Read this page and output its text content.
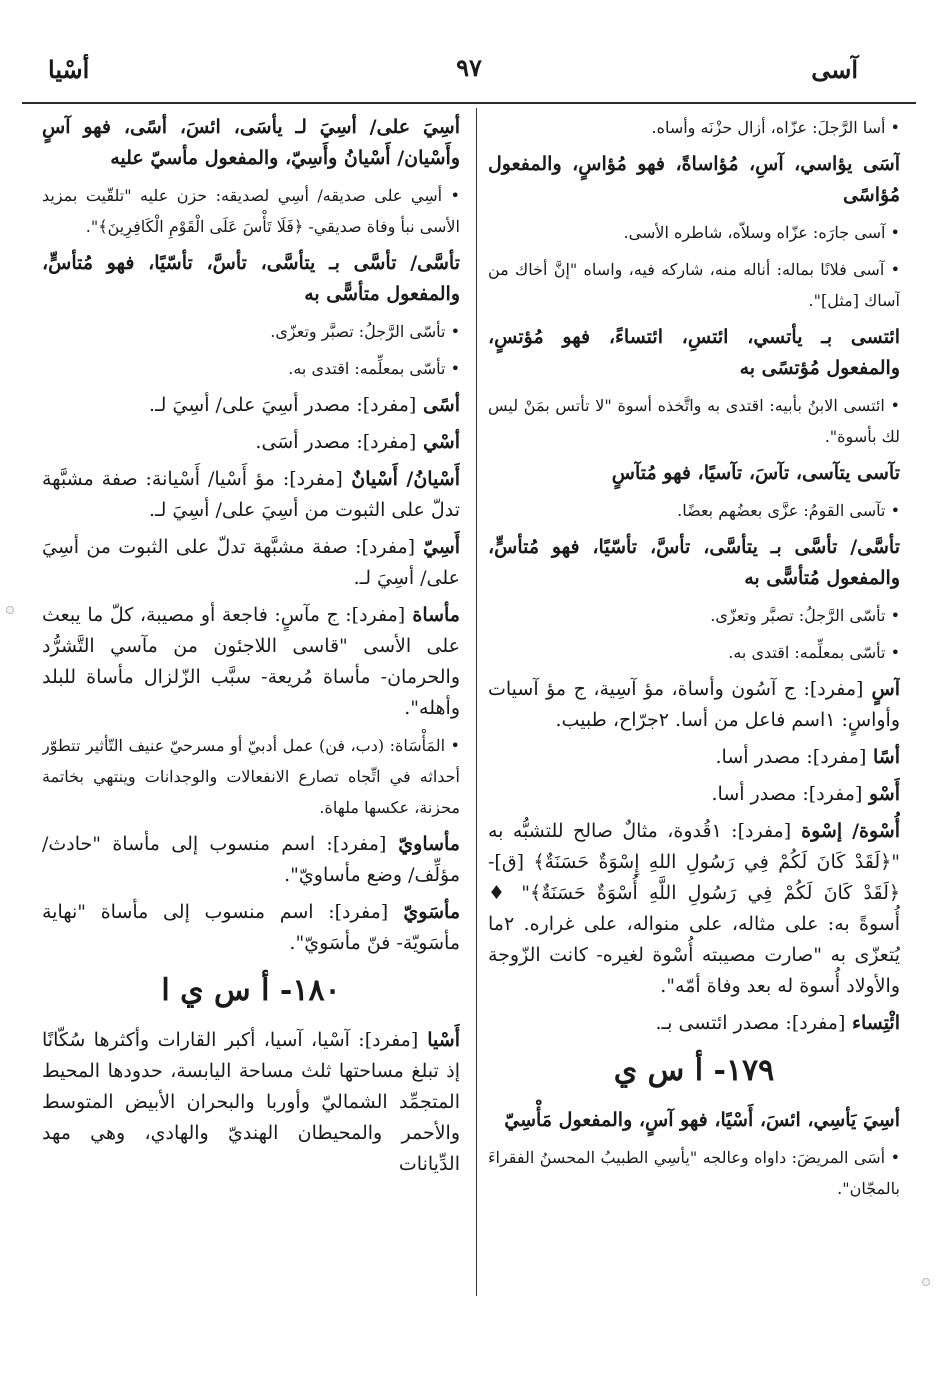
آسى
٩٧
أسْيا

• أسا الرَّجلَ: عزّاه، أزال حزْنَه وأساه.

آسَى يؤاسي، آسِ، مُؤاساةً، فهو مُؤاسٍ، والمفعول مُؤاسًى

• آسى جارَه: عزّاه وسلاّه، شاطره الأسى.

• آسى فلانًا بماله: أناله منه، شاركه فيه، واساه "إنَّ أخاك من آساك [مثل]".

ائتسى بـ يأتسي، ائتسِ، ائتساءً، فهو مُؤتسٍ، والمفعول مُؤتسًى به

• ائتسى الابنُ بأبيه: اقتدى به واتَّخذه أسوة "لا تأتس بمَنْ ليس لك بأسوة".

تآسى يتآسى، تآسَ، تآسيًا، فهو مُتآسٍ

• تآسى القومُ: عزَّى بعضُهم بعضًا.

تأسَّى/ تأسَّى بـ يتأسَّى، تأسَّ، تأسّيًا، فهو مُتأسٍّ، والمفعول مُتأسًّى به

• تأسّى الرَّجلُ: تصبَّر وتعزّى.

• تأسّى بمعلِّمه: اقتدى به.

آسٍ [مفرد]: ج آسُون وأساة، مؤ آسِية، ج مؤ آسيات وأواسٍ: ١اسم فاعل من أسا. ٢جرّاح، طبيب.

أسًا [مفرد]: مصدر أسا.

أَسْو [مفرد]: مصدر أسا.

أُسْوة/ إسْوة [مفرد]: ١قُدوة، مثالٌ صالح للتشبُّه به "﴿لَقَدْ كَانَ لَكُمْ فِي رَسُولِ اللهِ إِسْوَةٌ حَسَنَةٌ﴾ [ق]- ﴿لَقَدْ كَانَ لَكُمْ فِي رَسُولِ اللَّهِ أُسْوَةٌ حَسَنَةٌ﴾" ♦ أُسوةً به: على مثاله، على منواله، على غراره. ٢ما يُتعزّى به "صارت مصيبته أُسْوة لغيره- كانت الزّوجة والأولاد أُسوة له بعد وفاة أمّه".

ائْتِساء [مفرد]: مصدر ائتسى بـ.

١٧٩- أ س ي

أسِيَ يَأسِي، ائسَ، أَسْيًا، فهو آسٍ، والمفعول مَأْسِيّ

• أسَى المريضَ: داواه وعالجه "يأسِي الطبيبُ المحسنُ الفقراءَ بالمجّان".

أسِيَ على/ أسِيَ لـ يأسَى، ائسَ، أسًى، فهو آسٍ وأَسْيان/ أَسْيانُ وأَسِيّ، والمفعول مأسيّ عليه

• أسِي على صديقه/ أسِي لصديقه: حزن عليه "تلقّيت بمزيد الأسى نبأ وفاة صديقي- ﴿فَلَا تَأْسَ عَلَى الْقَوْمِ الْكَافِرِينَ﴾".

تأسَّى/ تأسَّى بـ يتأسَّى، تأسَّ، تأسّيًا، فهو مُتأسٍّ، والمفعول متأسًّى به

• تأسّى الرَّجلُ: تصبَّر وتعزّى.

• تأسّى بمعلِّمه: اقتدى به.

أسًى [مفرد]: مصدر أسِيَ على/ أسِيَ لـ.

أسْي [مفرد]: مصدر أسَى.

أَسْيانُ/ أَسْيانٌ [مفرد]: مؤ أَسْيا/ أَسْيانة: صفة مشبَّهة تدلّ على الثبوت من أسِيَ على/ أسِيَ لـ.

أَسِيّ [مفرد]: صفة مشبَّهة تدلّ على الثبوت من أسِيَ على/ أسِيَ لـ.

مأساة [مفرد]: ج مآسٍ: فاجعة أو مصيبة، كلّ ما يبعث على الأسى "قاسى اللاجئون من مآسي التَّشرُّد والحرمان- مأساة مُريعة- سبَّب الزّلزال مأساة للبلد وأهله".

• المَأْسَاة: (دب، فن) عمل أدبيّ أو مسرحيّ عنيف التّأثير تتطوّر أحداثه في اتِّجاه تصارع الانفعالات والوجدانات وينتهي بخاتمة محزنة، عكسها ملهاة.

مأساويّ [مفرد]: اسم منسوب إلى مأساة "حادث/ مؤلِّف/ وضع مأساويّ".

مأسَويّ [مفرد]: اسم منسوب إلى مأساة "نهاية مأسَويّة- فنّ مأسَويّ".

١٨٠- أ س ي ا

أَسْيا [مفرد]: آسْيا، آسيا، أكبر القارات وأكثرها سُكّانًا إذ تبلغ مساحتها ثلث مساحة اليابسة، حدودها المحيط المتجمِّد الشماليّ وأوربا والبحران الأبيض المتوسط والأحمر والمحيطان الهنديّ والهادي، وهي مهد الدِّيانات
